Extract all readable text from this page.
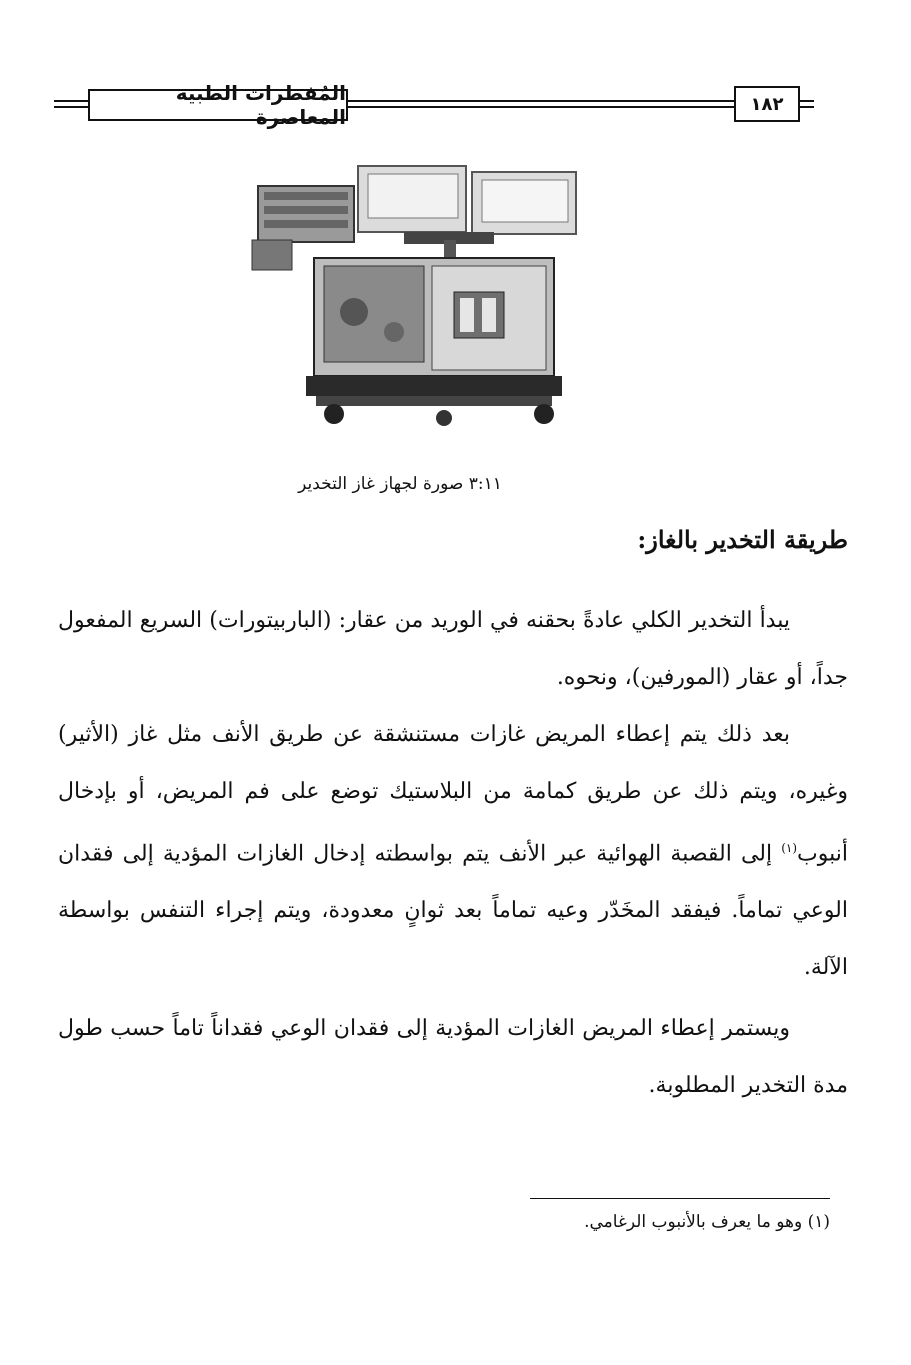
المُفطرات الطبية المعاصرة
١٨٢
٣:١١ صورة لجهاز غاز التخدير
طريقة التخدير بالغاز:
يبدأ التخدير الكلي عادةً بحقنه في الوريد من عقار: (الباربيتورات) السريع المفعول جداً، أو عقار (المورفين)، ونحوه.
بعد ذلك يتم إعطاء المريض غازات مستنشقة عن طريق الأنف مثل غاز (الأثير) وغيره، ويتم ذلك عن طريق كمامة من البلاستيك توضع على فم المريض، أو بإدخال أنبوب$^{(١)}$ إلى القصبة الهوائية عبر الأنف يتم بواسطته إدخال الغازات المؤدية إلى فقدان الوعي تماماً. فيفقد المخَدّر وعيه تماماً بعد ثوانٍ معدودة، ويتم إجراء التنفس بواسطة الآلة.
ويستمر إعطاء المريض الغازات المؤدية إلى فقدان الوعي فقداناً تاماً حسب طول مدة التخدير المطلوبة.
(١) وهو ما يعرف بالأنبوب الرغامي.
